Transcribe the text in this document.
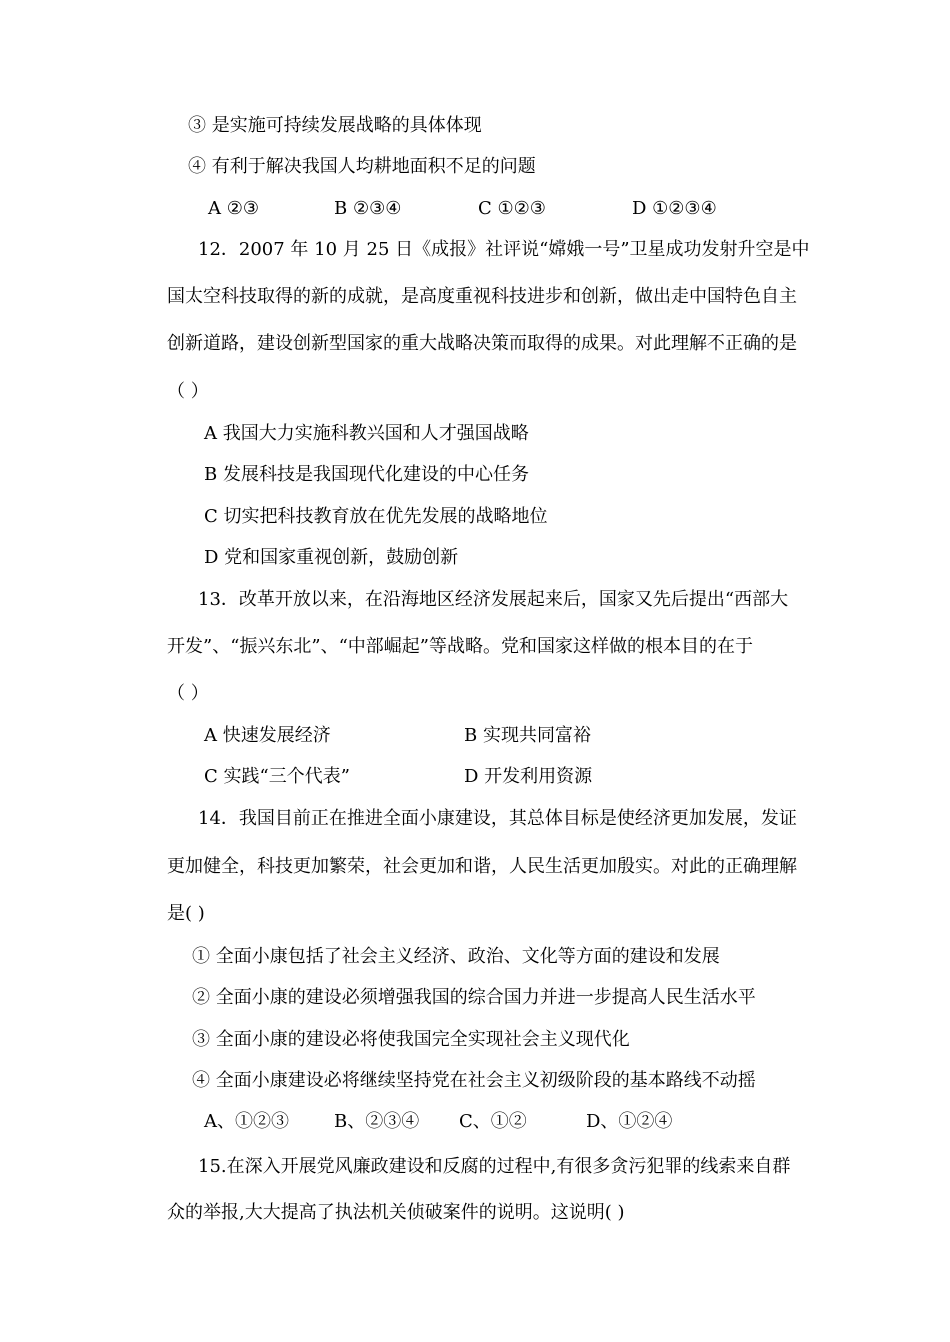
③ 是实施可持续发展战略的具体体现
④ 有利于解决我国人均耕地面积不足的问题
A ②③	B ②③④	C ①②③	D ①②③④
12．2007 年 10 月 25 日《成报》社评说“嫦娥一号”卫星成功发射升空是中
国太空科技取得的新的成就，是高度重视科技进步和创新，做出走中国特色自主
创新道路，建设创新型国家的重大战略决策而取得的成果。对此理解不正确的是
（ ）
A 我国大力实施科教兴国和人才强国战略
B 发展科技是我国现代化建设的中心任务
C 切实把科技教育放在优先发展的战略地位
D 党和国家重视创新，鼓励创新
13．改革开放以来，在沿海地区经济发展起来后，国家又先后提出“西部大
开发”、“振兴东北”、“中部崛起”等战略。党和国家这样做的根本目的在于
（ ）
A 快速发展经济	B 实现共同富裕
C 实践“三个代表”	D 开发利用资源
14．我国目前正在推进全面小康建设，其总体目标是使经济更加发展，发证
更加健全，科技更加繁荣，社会更加和谐，人民生活更加殷实。对此的正确理解
是( )
① 全面小康包括了社会主义经济、政治、文化等方面的建设和发展
② 全面小康的建设必须增强我国的综合国力并进一步提高人民生活水平
③ 全面小康的建设必将使我国完全实现社会主义现代化
④ 全面小康建设必将继续坚持党在社会主义初级阶段的基本路线不动摇
A、①②③	B、②③④ C、①②	D、①②④
15.在深入开展党风廉政建设和反腐的过程中,有很多贪污犯罪的线索来自群
众的举报,大大提高了执法机关侦破案件的说明。这说明( )
